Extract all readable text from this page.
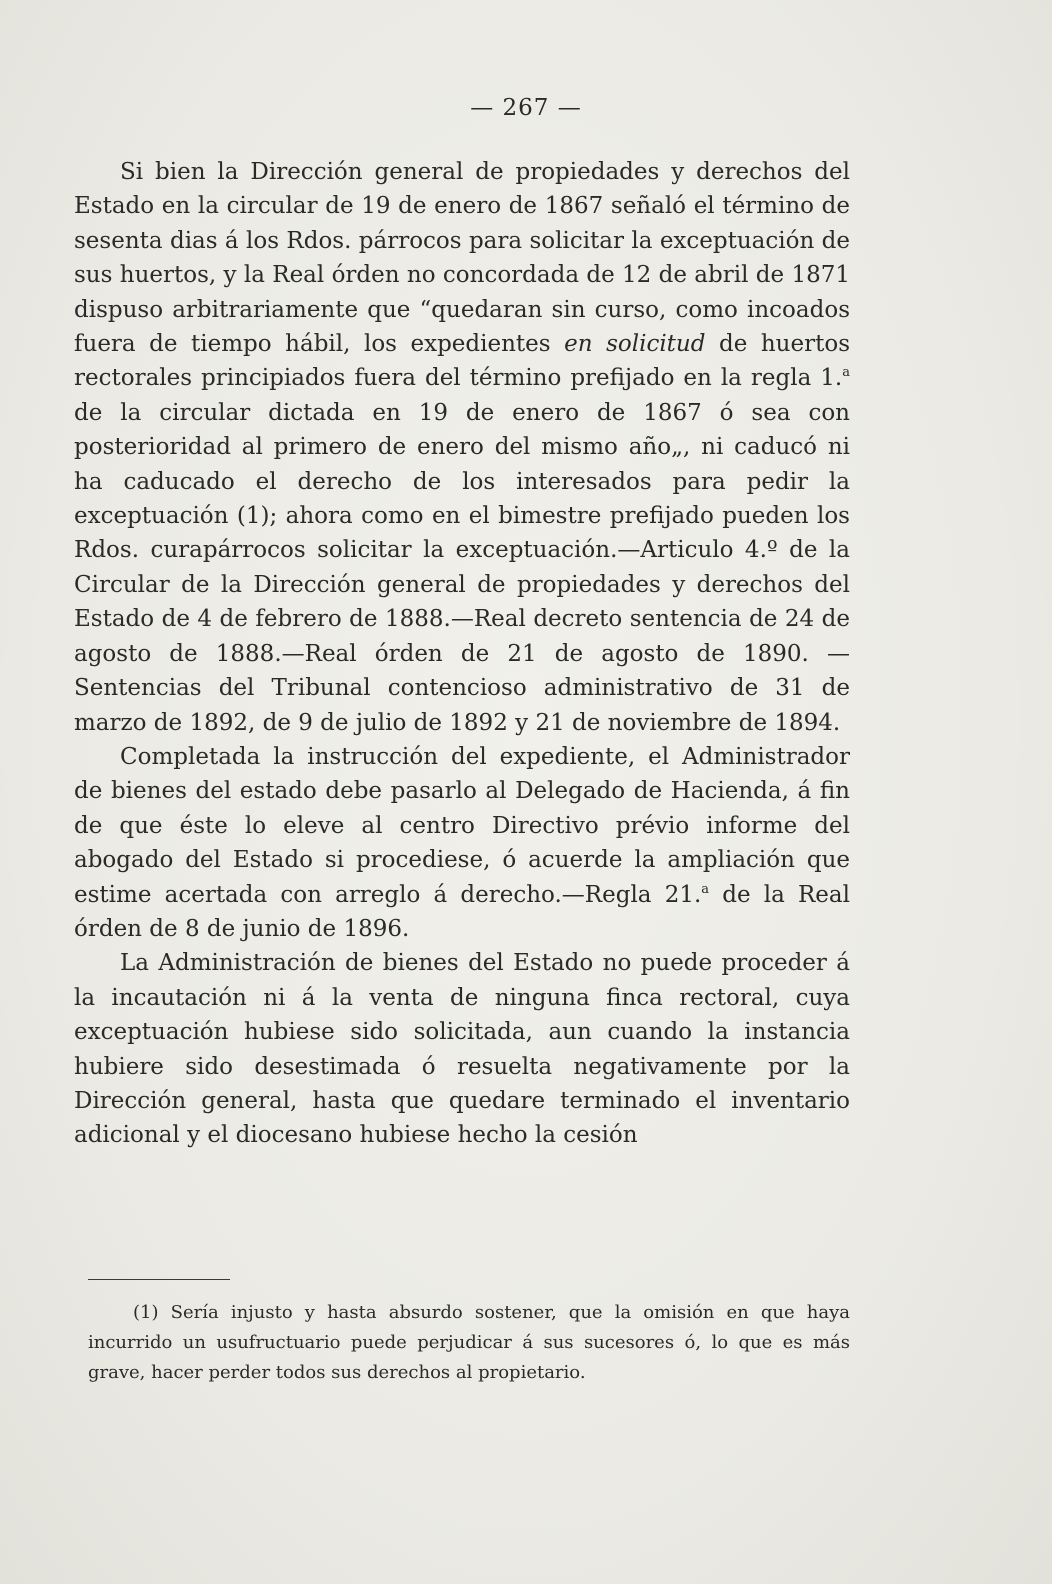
— 267 —

Si bien la Dirección general de propiedades y derechos del Estado en la circular de 19 de enero de 1867 señaló el término de sesenta dias á los Rdos. párrocos para solicitar la exceptuación de sus huertos, y la Real órden no concordada de 12 de abril de 1871 dispuso arbitrariamente que “quedaran sin curso, como incoados fuera de tiempo hábil, los expedientes en solicitud de huertos rectorales principiados fuera del término prefijado en la regla 1.$^a$ de la circular dictada en 19 de enero de 1867 ó sea con posterioridad al primero de enero del mismo año„, ni caducó ni ha caducado el derecho de los interesados para pedir la exceptuación (1); ahora como en el bimestre prefijado pueden los Rdos. curapárrocos solicitar la exceptuación.—Articulo 4.º de la Circular de la Dirección general de propiedades y derechos del Estado de 4 de febrero de 1888.—Real decreto sentencia de 24 de agosto de 1888.—Real órden de 21 de agosto de 1890. —Sentencias del Tribunal contencioso administrativo de 31 de marzo de 1892, de 9 de julio de 1892 y 21 de noviembre de 1894.

Completada la instrucción del expediente, el Administrador de bienes del estado debe pasarlo al Delegado de Hacienda, á fin de que éste lo eleve al centro Directivo prévio informe del abogado del Estado si procediese, ó acuerde la ampliación que estime acertada con arreglo á derecho.—Regla 21.$^a$ de la Real órden de 8 de junio de 1896.

La Administración de bienes del Estado no puede proceder á la incautación ni á la venta de ninguna finca rectoral, cuya exceptuación hubiese sido solicitada, aun cuando la instancia hubiere sido desestimada ó resuelta negativamente por la Dirección general, hasta que quedare terminado el inventario adicional y el diocesano hubiese hecho la cesión

(1) Sería injusto y hasta absurdo sostener, que la omisión en que haya incurrido un usufructuario puede perjudicar á sus sucesores ó, lo que es más grave, hacer perder todos sus derechos al propietario.
